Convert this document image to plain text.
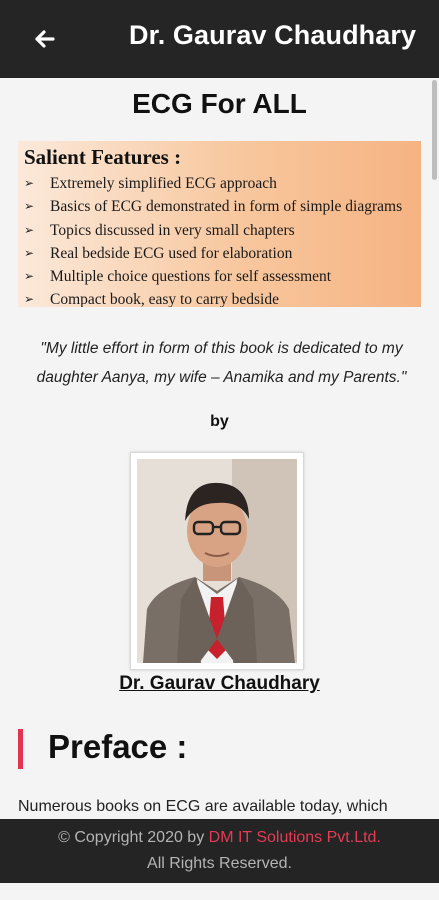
Dr. Gaurav Chaudhary
ECG For ALL
Salient Features :
➢	Extremely simplified ECG approach
➢	Basics of ECG demonstrated in form of simple diagrams
➢	Topics discussed in very small chapters
➢	Real bedside ECG used for elaboration
➢	Multiple choice questions for self assessment
➢	Compact book, easy to carry bedside
"My little effort in form of this book is dedicated to my daughter Aanya, my wife – Anamika and my Parents."
by
Dr. Gaurav Chaudhary
Preface :
Numerous books on ECG are available today, which
© Copyright 2020 by DM IT Solutions Pvt.Ltd.
All Rights Reserved.
